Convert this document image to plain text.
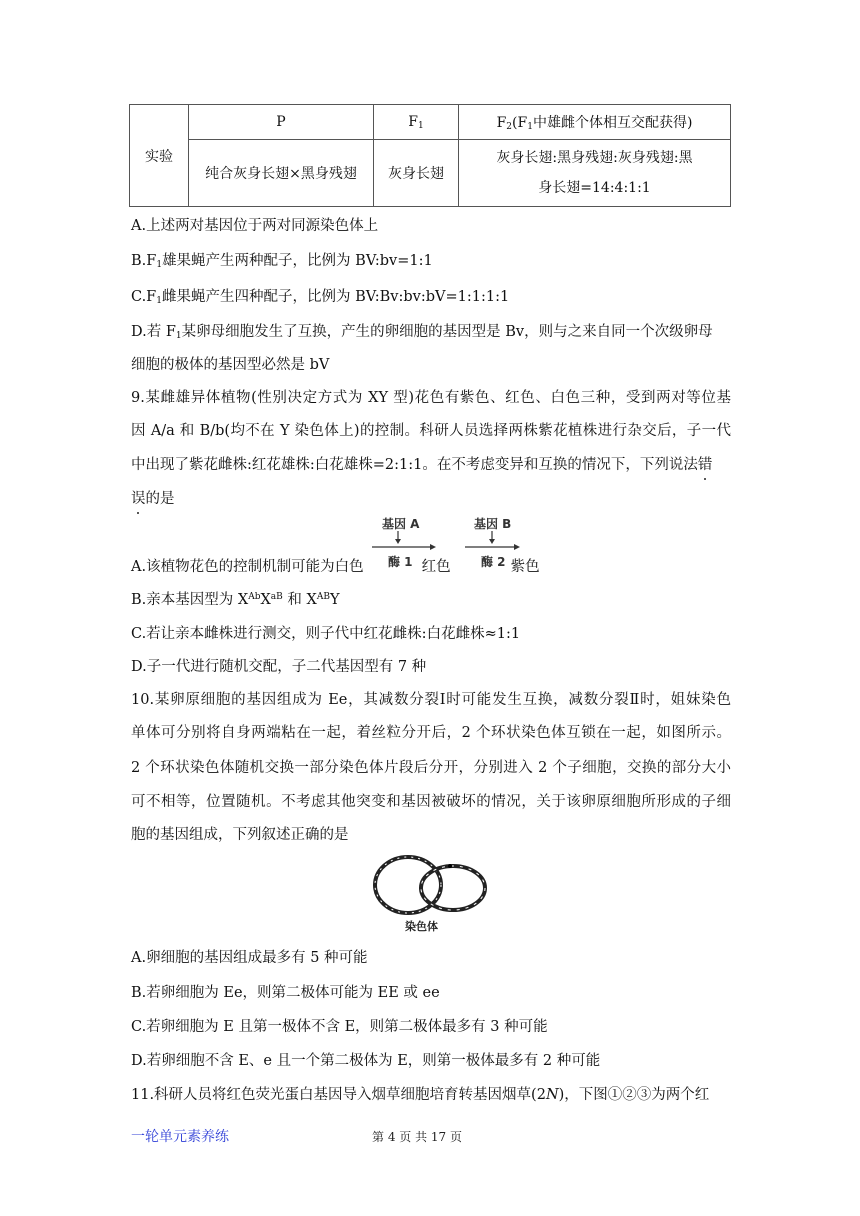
实验	P	$F_1$	$F_2(F_1$中雄雌个体相互交配获得)
	纯合灰身长翅×黑身残翅	灰身长翅	灰身长翅:黑身残翅:灰身残翅:黑
身长翅=14:4:1:1
A.上述两对基因位于两对同源染色体上
$B.F_1$雄果蝇产生两种配子，比例为 BV:bv=1:1
$C.F_1$雌果蝇产生四种配子，比例为 BV:Bv:bv:bV=1:1:1:1
D.若 $F_1$某卵母细胞发生了互换，产生的卵细胞的基因型是 Bv，则与之来自同一个次级卵母
细胞的极体的基因型必然是 bV
9.某雌雄异体植物(性别决定方式为 XY 型)花色有紫色、红色、白色三种，受到两对等位基
因 A/a 和 B/b(均不在 Y 染色体上)的控制。科研人员选择两株紫花植株进行杂交后，子一代
中出现了紫花雌株:红花雄株:白花雄株=2:1:1。在不考虑变异和互换的情况下，下列说法错
误的是
基因 A	基因 B
酶 1	酶 2
A.该植物花色的控制机制可能为白色	红色	紫色
B.亲本基因型为 $X^{Ab}X^{aB}$ 和 $X^{AB}Y$
C.若让亲本雌株进行测交，则子代中红花雌株:白花雌株≈1:1
D.子一代进行随机交配，子二代基因型有 7 种
10.某卵原细胞的基因组成为 Ee，其减数分裂Ⅰ时可能发生互换，减数分裂Ⅱ时，姐妹染色
单体可分别将自身两端粘在一起，着丝粒分开后，2 个环状染色体互锁在一起，如图所示。
2 个环状染色体随机交换一部分染色体片段后分开，分别进入 2 个子细胞，交换的部分大小
可不相等，位置随机。不考虑其他突变和基因被破坏的情况，关于该卵原细胞所形成的子细
胞的基因组成，下列叙述正确的是
染色体
A.卵细胞的基因组成最多有 5 种可能
B.若卵细胞为 Ee，则第二极体可能为 EE 或 ee
C.若卵细胞为 E 且第一极体不含 E，则第二极体最多有 3 种可能
D.若卵细胞不含 E、e 且一个第二极体为 E，则第一极体最多有 2 种可能
11.科研人员将红色荧光蛋白基因导入烟草细胞培育转基因烟草(2N)，下图①②③为两个红
一轮单元素养练	第 4 页 共 17 页
